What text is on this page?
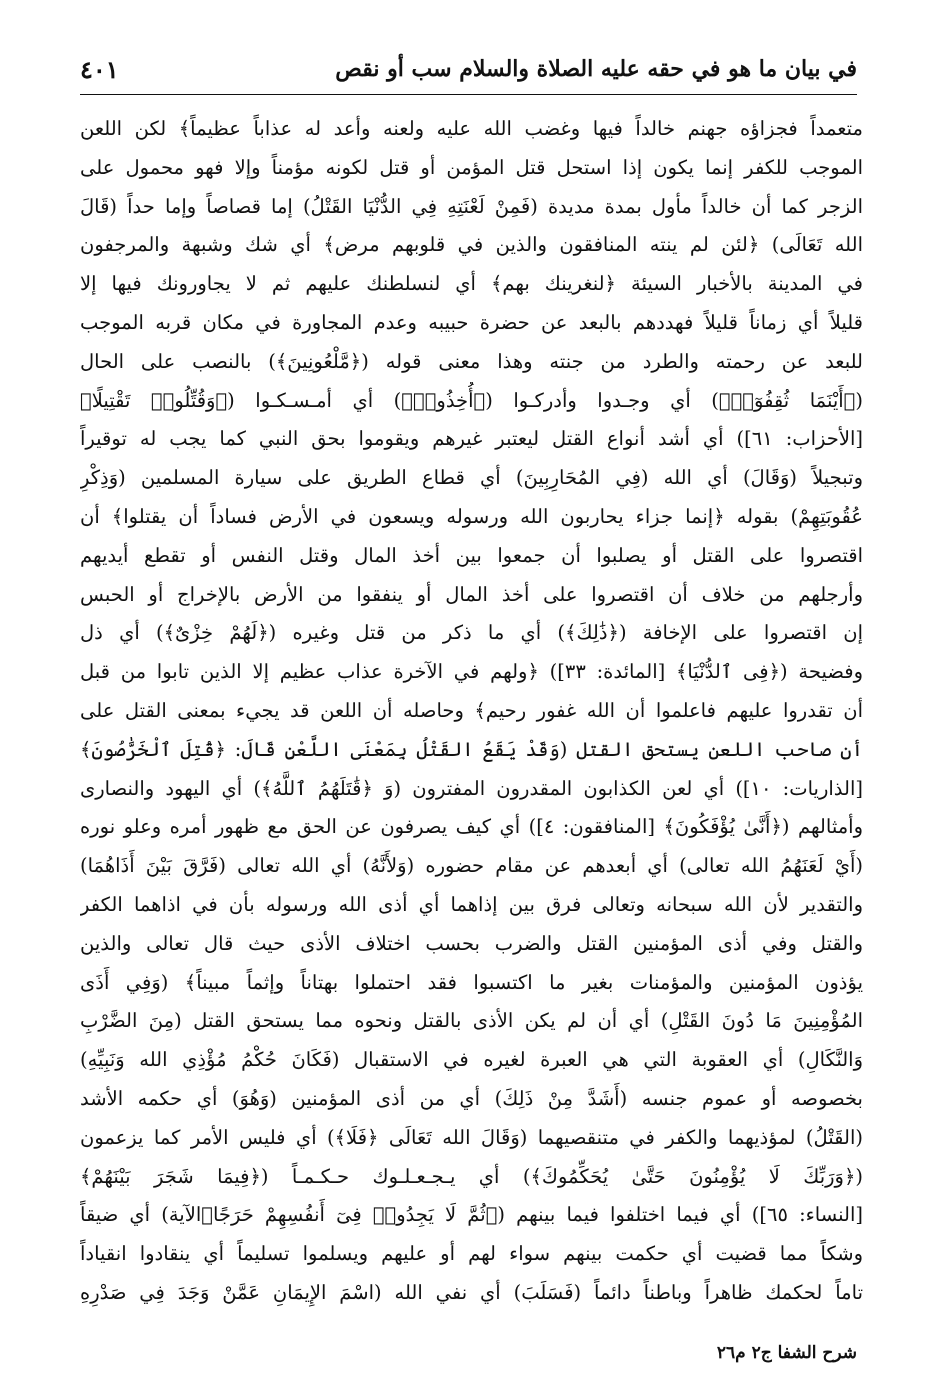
في بيان ما هو في حقه عليه الصلاة والسلام سب أو نقص
٤٠١
متعمداً فجزاؤه جهنم خالداً فيها وغضب الله عليه ولعنه وأعد له عذاباً عظيماً﴾ لكن اللعن
الموجب للكفر إنما يكون إذا استحل قتل المؤمن أو قتل لكونه مؤمناً وإلا فهو محمول على
الزجر كما أن خالداً مأول بمدة مديدة (فَمِنْ لَعْنَتِهِ فِي الدُّنْيَا القَتْلُ) إما قصاصاً وإما حداً (قَالَ
الله تَعَالَى) ﴿لئن لم ينته المنافقون والذين في قلوبهم مرض﴾ أي شك وشبهة والمرجفون
في المدينة بالأخبار السيئة ﴿لنغرينك بهم﴾ أي لنسلطنك عليهم ثم لا يجاورونك فيها إلا
قليلاً أي زماناً قليلاً فهددهم بالبعد عن حضرة حبيبه وعدم المجاورة في مكان قربه الموجب
للبعد عن رحمته والطرد من جنته وهذا معنى قوله (﴿مَّلْعُونِينَ﴾) بالنصب على الحال
(﴿أَيْنَمَا ثُقِفُوٓا۟﴾) أي وجـدوا وأدركـوا (﴿أُخِذُوا۟﴾) أي أمـسـكـوا (﴿وَقُتِّلُوا۟ تَقْتِيلًا﴾
[الأحزاب: ٦١]) أي أشد أنواع القتل ليعتبر غيرهم ويقوموا بحق النبي كما يجب له توقيراً
وتبجيلاً (وَقَالَ) أي الله (فِي المُحَارِبِينَ) أي قطاع الطريق على سيارة المسلمين (وَذِكْرِ
عُقُوبَتِهِمْ) بقوله ﴿إنما جزاء يحاربون الله ورسوله ويسعون في الأرض فساداً أن يقتلوا﴾ أن
اقتصروا على القتل أو يصلبوا أن جمعوا بين أخذ المال وقتل النفس أو تقطع أيديهم
وأرجلهم من خلاف أن اقتصروا على أخذ المال أو ينفقوا من الأرض بالإخراج أو الحبس
إن اقتصروا على الإخافة (﴿ذَٰلِكَ﴾) أي ما ذكر من قتل وغيره (﴿لَهُمْ خِزْىٌ﴾) أي ذل
وفضيحة (﴿فِى ٱلدُّنْيَا﴾ [المائدة: ٣٣]) ﴿ولهم في الآخرة عذاب عظيم إلا الذين تابوا من قبل
أن تقدروا عليهم فاعلموا أن الله غفور رحيم﴾ وحاصله أن اللعن قد يجيء بمعنى القتل على
أن صاحب اللعن يستحق القتل (وَقَدْ يَقَعُ القَتْلُ بِمَعْنَى اللَّعْنِ قَالَ: ﴿قُتِلَ ٱلْخَرَّٰصُونَ﴾
[الذاريات: ١٠]) أي لعن الكذابون المقدرون المفترون (وَ ﴿قَٰتَلَهُمُ ٱللَّهُ﴾) أي اليهود والنصارى
وأمثالهم (﴿أَنَّىٰ يُؤْفَكُونَ﴾ [المنافقون: ٤]) أي كيف يصرفون عن الحق مع ظهور أمره وعلو نوره
(أَيْ لَعَنَهُمُ الله تعالى) أي أبعدهم عن مقام حضوره (وَلأَنَّهُ) أي الله تعالى (فَرَّقَ بَيْنَ أَذَاهُمَا)
والتقدير لأن الله سبحانه وتعالى فرق بين إذاهما أي أذى الله ورسوله بأن في اذاهما الكفر
والقتل وفي أذى المؤمنين القتل والضرب بحسب اختلاف الأذى حيث قال تعالى والذين
يؤذون المؤمنين والمؤمنات بغير ما اكتسبوا فقد احتملوا بهتاناً وإثماً مبيناً﴾ (وَفِي أَذَى
المُؤْمِنِينَ مَا دُونَ القَتْلِ) أي أن لم يكن الأذى بالقتل ونحوه مما يستحق القتل (مِنَ الضَّرْبِ
وَالنَّكَالِ) أي العقوبة التي هي العبرة لغيره في الاستقبال (فَكَانَ حُكْمُ مُؤْذِي الله وَنَبِيِّهِ)
بخصوصه أو عموم جنسه (أَشَدَّ مِنْ ذَلِكَ) أي من أذى المؤمنين (وَهُوَ) أي حكمه الأشد
(القَتْلُ) لمؤذيهما والكفر في متنقصيهما (وَقَالَ الله تَعَالَى ﴿فَلَا﴾) أي فليس الأمر كما يزعمون
(﴿وَرَبِّكَ لَا يُؤْمِنُونَ حَتَّىٰ يُحَكِّمُوكَ﴾) أي يـجـعـلـوك حـكـمـاً (﴿فِيمَا شَجَرَ بَيْنَهُمْ﴾
[النساء: ٦٥]) أي فيما اختلفوا فيما بينهم (﴿ثُمَّ لَا يَجِدُوا۟ فِىٓ أَنفُسِهِمْ حَرَجًا﴾الآية) أي ضيقاً
وشكاً مما قضيت أي حكمت بينهم سواء لهم أو عليهم ويسلموا تسليماً أي ينقادوا انقياداً
تاماً لحكمك ظاهراً وباطناً دائماً (فَسَلَبَ) أي نفي الله (اسْمَ الإِيمَانِ عَمَّنْ وَجَدَ فِي صَدْرِهِ
شرح الشفا ج٢ م٢٦
